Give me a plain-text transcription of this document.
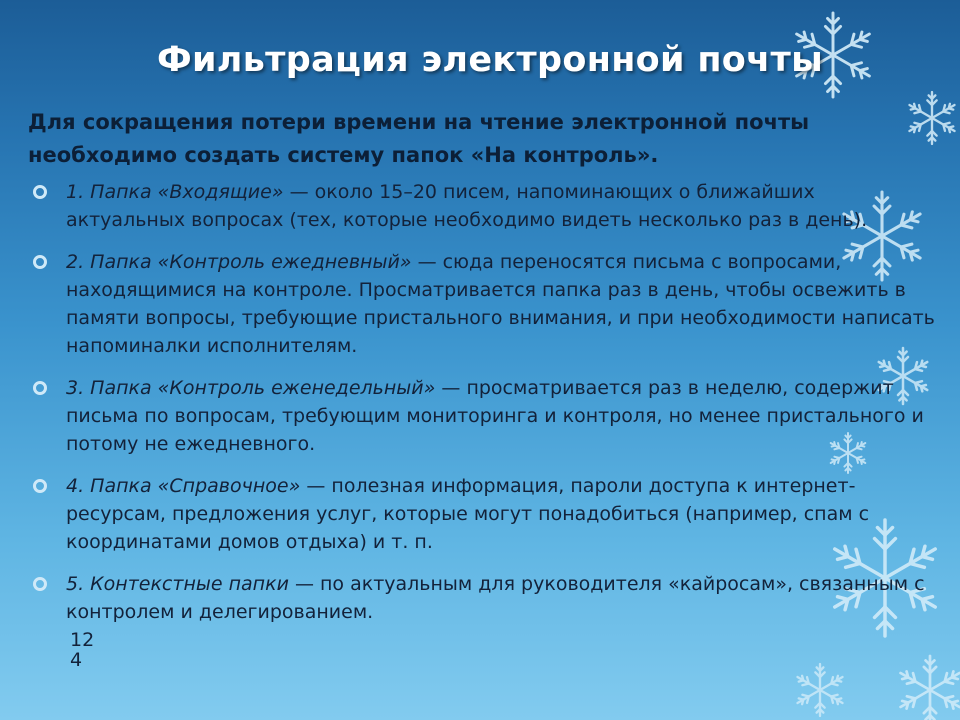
Фильтрация электронной почты
Для сокращения потери времени на чтение электронной почты необходимо создать систему папок «На контроль».
1. Папка «Входящие» — около 15–20 писем, напоминающих о ближайших актуальных вопросах (тех, которые необходимо видеть несколько раз в день).
2. Папка «Контроль ежедневный» — сюда переносятся письма с вопросами, находящимися на контроле. Просматривается папка раз в день, чтобы освежить в памяти вопросы, требующие пристального внимания, и при необходимости написать напоминалки исполнителям.
3. Папка «Контроль еженедельный» — просматривается раз в неделю, содержит письма по вопросам, требующим мониторинга и контроля, но менее пристального и потому не ежедневного.
4. Папка «Справочное» — полезная информация, пароли доступа к интернет-ресурсам, предложения услуг, которые могут понадобиться (например, спам с координатами домов отдыха) и т. п.
5. Контекстные папки — по актуальным для руководителя «кайросам», связанным с контролем и делегированием.
12
4
